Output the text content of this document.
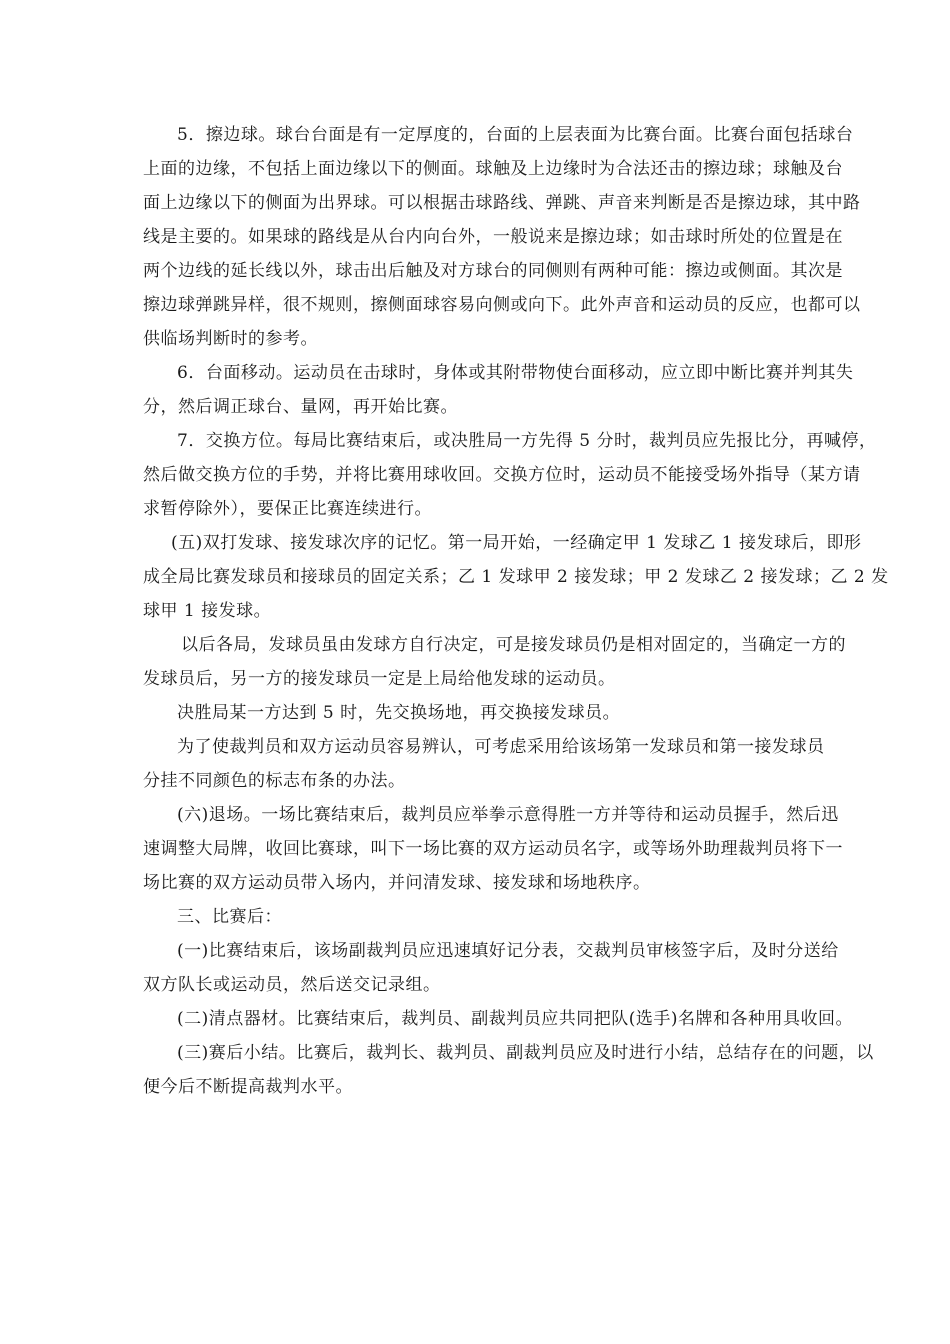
5．擦边球。球台台面是有一定厚度的，台面的上层表面为比赛台面。比赛台面包括球台
上面的边缘，不包括上面边缘以下的侧面。球触及上边缘时为合法还击的擦边球；球触及台
面上边缘以下的侧面为出界球。可以根据击球路线、弹跳、声音来判断是否是擦边球，其中路
线是主要的。如果球的路线是从台内向台外，一般说来是擦边球；如击球时所处的位置是在
两个边线的延长线以外，球击出后触及对方球台的同侧则有两种可能：擦边或侧面。其次是
擦边球弹跳异样，很不规则，擦侧面球容易向侧或向下。此外声音和运动员的反应，也都可以
供临场判断时的参考。
6．台面移动。运动员在击球时，身体或其附带物使台面移动，应立即中断比赛并判其失
分，然后调正球台、量网，再开始比赛。
7．交换方位。每局比赛结束后，或决胜局一方先得 5 分时，裁判员应先报比分，再喊停，
然后做交换方位的手势，并将比赛用球收回。交换方位时，运动员不能接受场外指导（某方请
求暂停除外），要保正比赛连续进行。
(五)双打发球、接发球次序的记忆。第一局开始，一经确定甲 1 发球乙 1 接发球后，即形
成全局比赛发球员和接球员的固定关系；乙 1 发球甲 2 接发球；甲 2 发球乙 2 接发球；乙 2 发
球甲 1 接发球。
以后各局，发球员虽由发球方自行决定，可是接发球员仍是相对固定的，当确定一方的
发球员后，另一方的接发球员一定是上局给他发球的运动员。
决胜局某一方达到 5 时，先交换场地，再交换接发球员。
为了使裁判员和双方运动员容易辨认，可考虑采用给该场第一发球员和第一接发球员
分挂不同颜色的标志布条的办法。
(六)退场。一场比赛结束后，裁判员应举拳示意得胜一方并等待和运动员握手，然后迅
速调整大局牌，收回比赛球，叫下一场比赛的双方运动员名字，或等场外助理裁判员将下一
场比赛的双方运动员带入场内，并问清发球、接发球和场地秩序。
三、比赛后：
(一)比赛结束后，该场副裁判员应迅速填好记分表，交裁判员审核签字后，及时分送给
双方队长或运动员，然后送交记录组。
(二)清点器材。比赛结束后，裁判员、副裁判员应共同把队(选手)名牌和各种用具收回。
(三)赛后小结。比赛后，裁判长、裁判员、副裁判员应及时进行小结，总结存在的问题，以
便今后不断提高裁判水平。
